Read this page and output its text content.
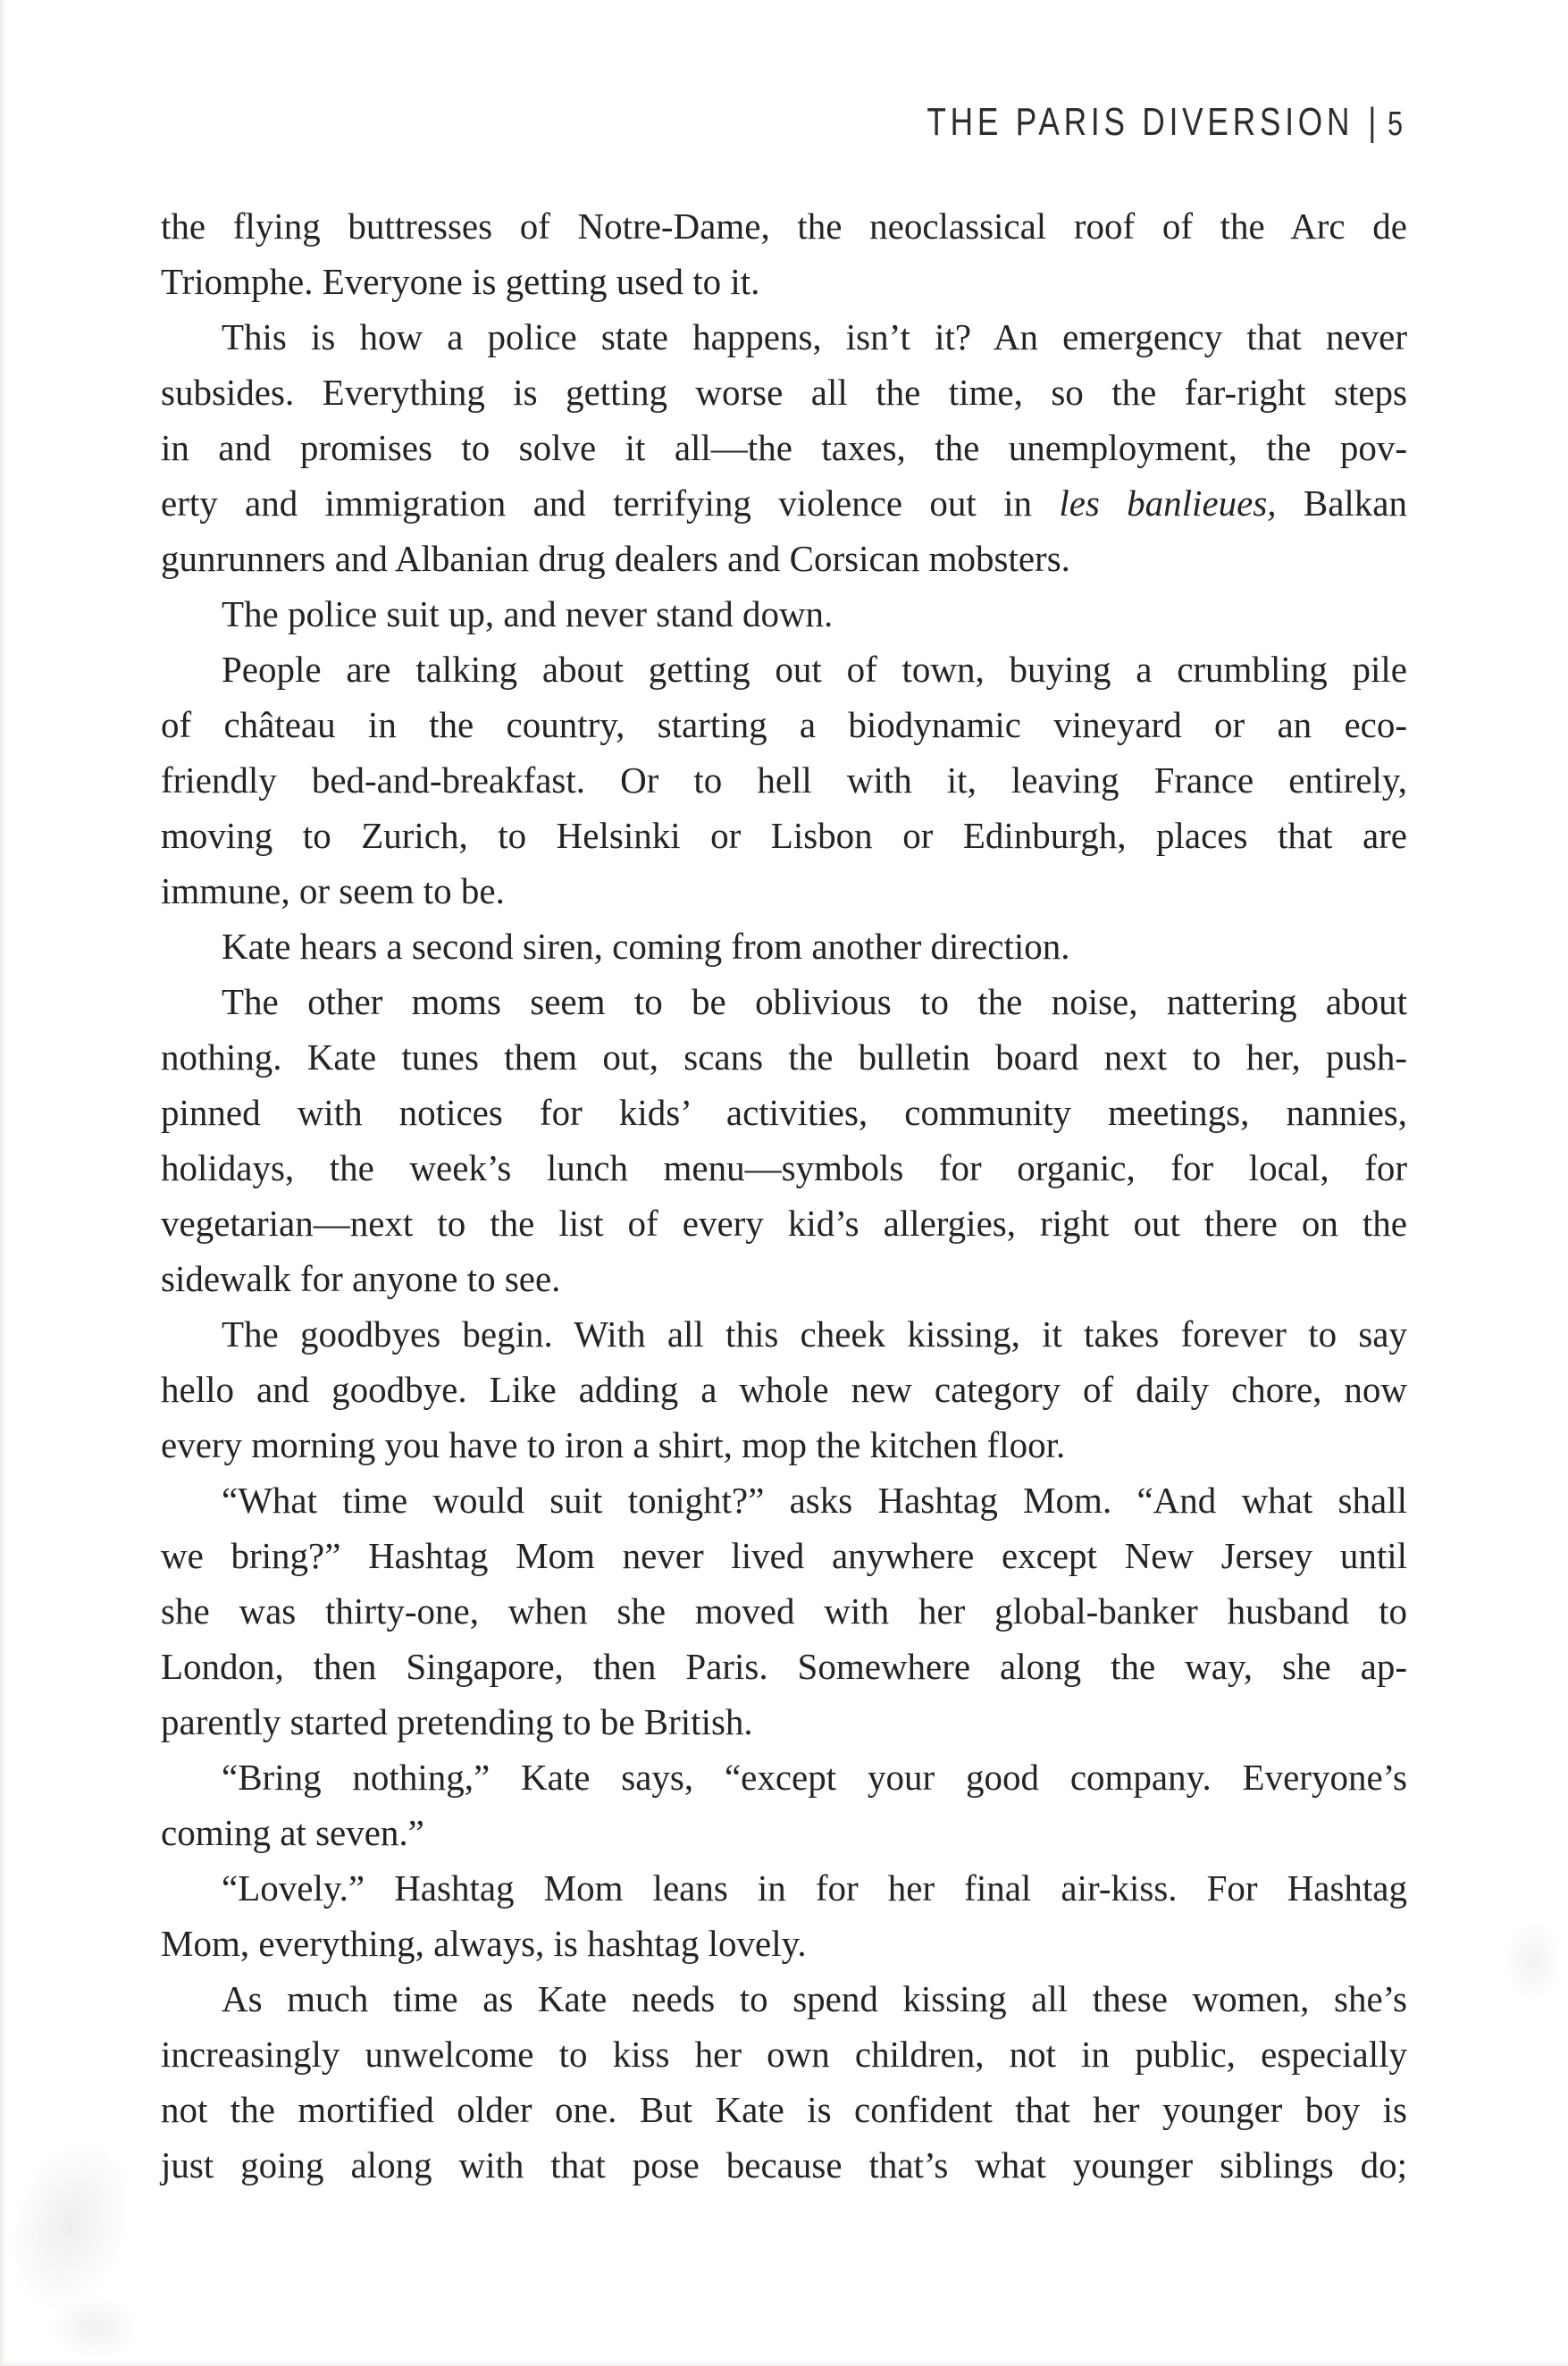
THE PARIS DIVERSION | 5
the flying buttresses of Notre-Dame, the neoclassical roof of the Arc de
Triomphe. Everyone is getting used to it.
This is how a police state happens, isn’t it? An emergency that never
subsides. Everything is getting worse all the time, so the far-right steps
in and promises to solve it all—the taxes, the unemployment, the pov-
erty and immigration and terrifying violence out in les banlieues, Balkan
gunrunners and Albanian drug dealers and Corsican mobsters.
The police suit up, and never stand down.
People are talking about getting out of town, buying a crumbling pile
of château in the country, starting a biodynamic vineyard or an eco-
friendly bed-and-breakfast. Or to hell with it, leaving France entirely,
moving to Zurich, to Helsinki or Lisbon or Edinburgh, places that are
immune, or seem to be.
Kate hears a second siren, coming from another direction.
The other moms seem to be oblivious to the noise, nattering about
nothing. Kate tunes them out, scans the bulletin board next to her, push-
pinned with notices for kids’ activities, community meetings, nannies,
holidays, the week’s lunch menu—symbols for organic, for local, for
vegetarian—next to the list of every kid’s allergies, right out there on the
sidewalk for anyone to see.
The goodbyes begin. With all this cheek kissing, it takes forever to say
hello and goodbye. Like adding a whole new category of daily chore, now
every morning you have to iron a shirt, mop the kitchen floor.
“What time would suit tonight?” asks Hashtag Mom. “And what shall
we bring?” Hashtag Mom never lived anywhere except New Jersey until
she was thirty-one, when she moved with her global-banker husband to
London, then Singapore, then Paris. Somewhere along the way, she ap-
parently started pretending to be British.
“Bring nothing,” Kate says, “except your good company. Everyone’s
coming at seven.”
“Lovely.” Hashtag Mom leans in for her final air-kiss. For Hashtag
Mom, everything, always, is hashtag lovely.
As much time as Kate needs to spend kissing all these women, she’s
increasingly unwelcome to kiss her own children, not in public, especially
not the mortified older one. But Kate is confident that her younger boy is
just going along with that pose because that’s what younger siblings do;
